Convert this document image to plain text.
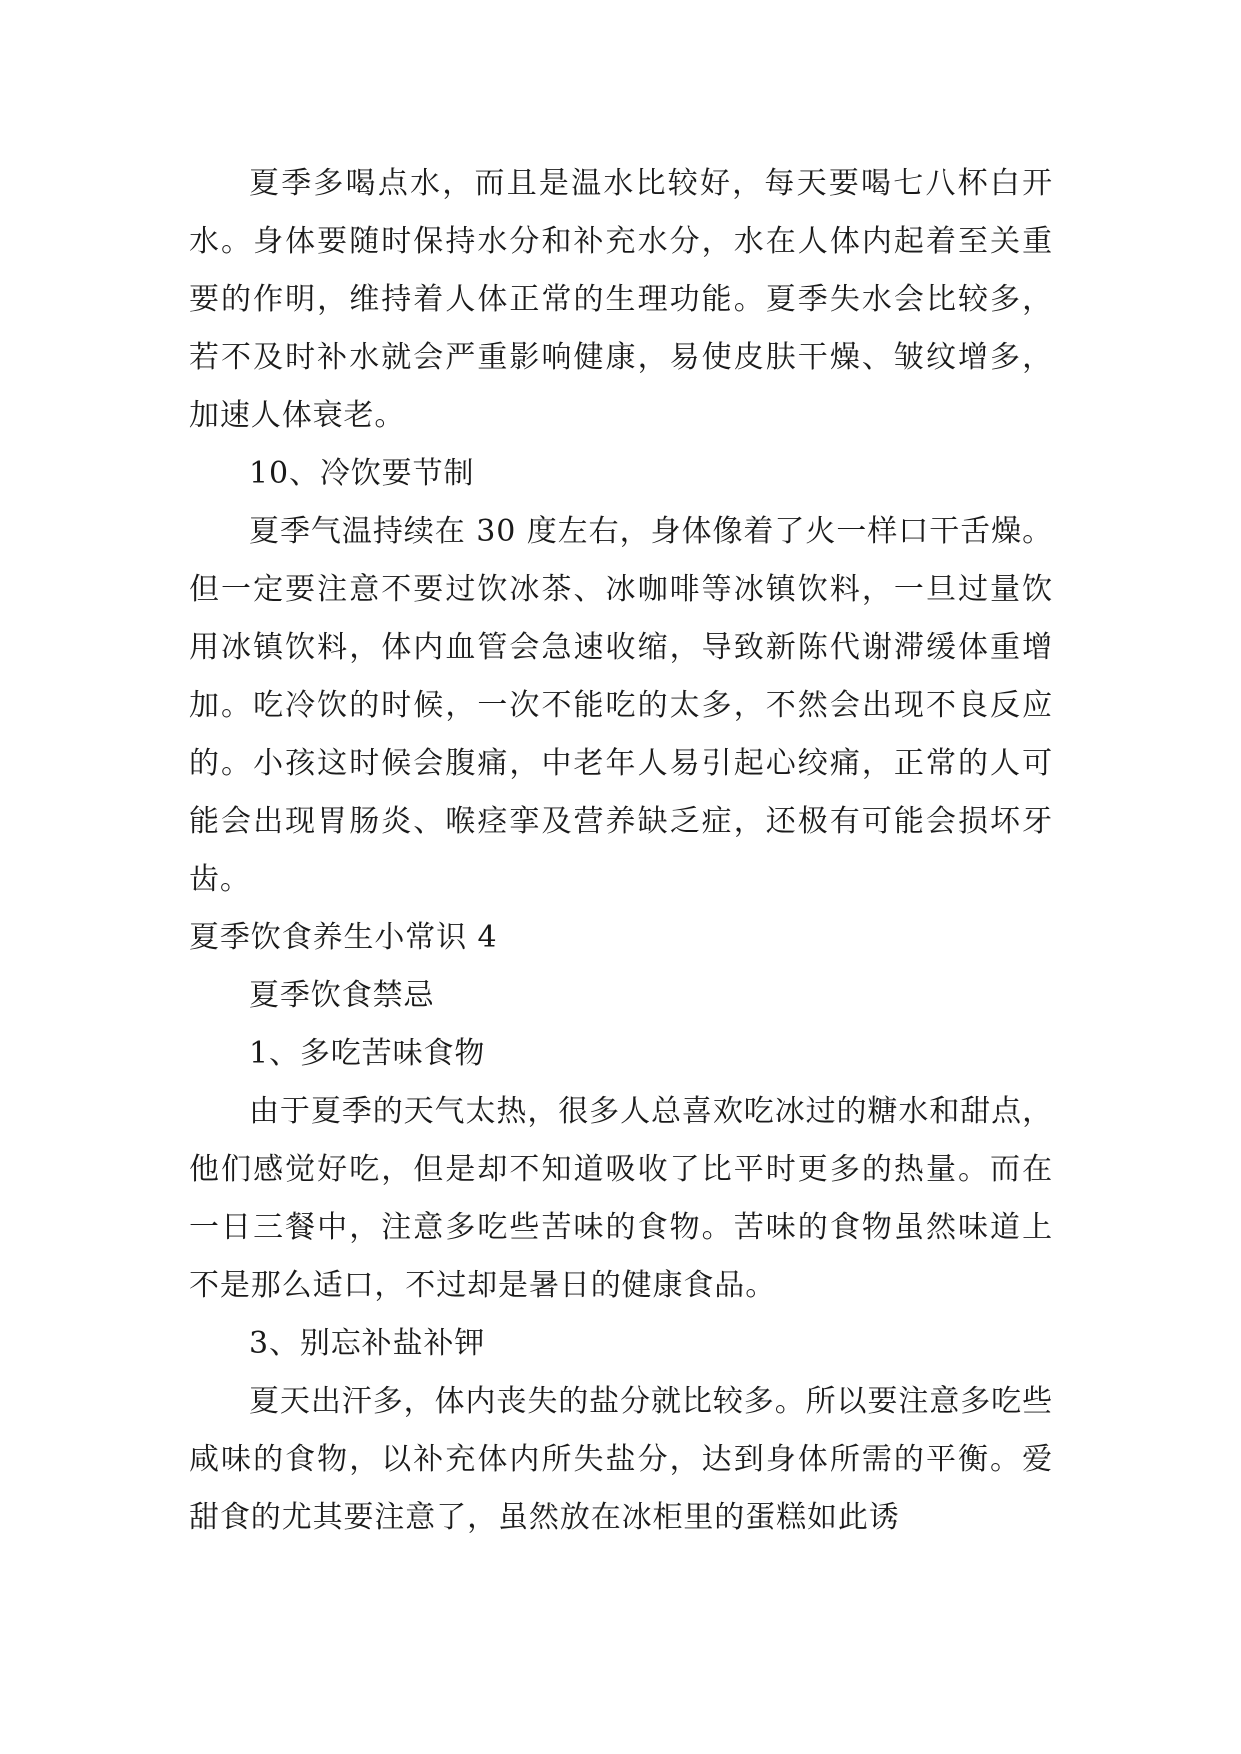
夏季多喝点水，而且是温水比较好，每天要喝七八杯白开水。身体要随时保持水分和补充水分，水在人体内起着至关重要的作明，维持着人体正常的生理功能。夏季失水会比较多，若不及时补水就会严重影响健康，易使皮肤干燥、皱纹增多，加速人体衰老。

10、冷饮要节制

夏季气温持续在 30 度左右，身体像着了火一样口干舌燥。但一定要注意不要过饮冰茶、冰咖啡等冰镇饮料，一旦过量饮用冰镇饮料，体内血管会急速收缩，导致新陈代谢滞缓体重增加。吃冷饮的时候，一次不能吃的太多，不然会出现不良反应的。小孩这时候会腹痛，中老年人易引起心绞痛，正常的人可能会出现胃肠炎、喉痉挛及营养缺乏症，还极有可能会损坏牙齿。

夏季饮食养生小常识 4

夏季饮食禁忌

1、多吃苦味食物

由于夏季的天气太热，很多人总喜欢吃冰过的糖水和甜点，他们感觉好吃，但是却不知道吸收了比平时更多的热量。而在一日三餐中，注意多吃些苦味的食物。苦味的食物虽然味道上不是那么适口，不过却是暑日的健康食品。

3、别忘补盐补钾

夏天出汗多，体内丧失的盐分就比较多。所以要注意多吃些咸味的食物，以补充体内所失盐分，达到身体所需的平衡。爱甜食的尤其要注意了，虽然放在冰柜里的蛋糕如此诱
